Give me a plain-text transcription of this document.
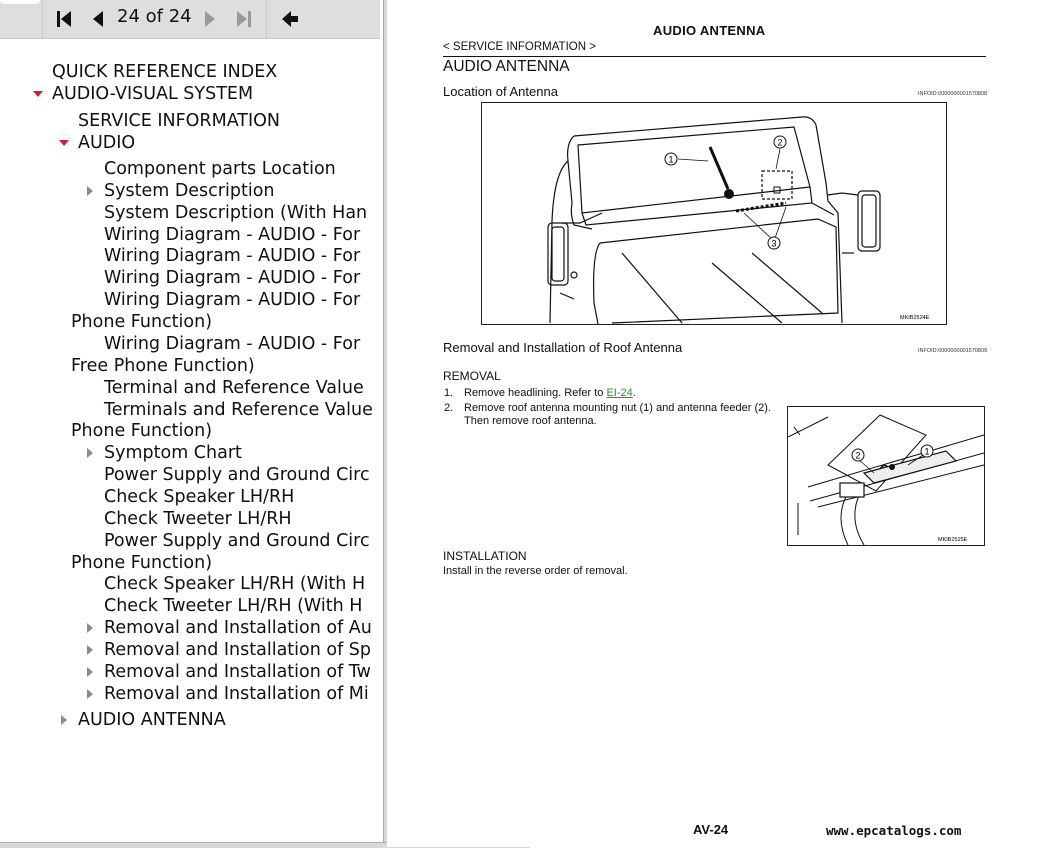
24 of 24
QUICK REFERENCE INDEX
AUDIO-VISUAL SYSTEM
SERVICE INFORMATION
AUDIO
Component parts Location
System Description
System Description (With Han
Wiring Diagram - AUDIO - For
Wiring Diagram - AUDIO - For
Wiring Diagram - AUDIO - For
Wiring Diagram - AUDIO - For
Phone Function)
Wiring Diagram - AUDIO - For
Free Phone Function)
Terminal and Reference Value
Terminals and Reference Value
Phone Function)
Symptom Chart
Power Supply and Ground Circ
Check Speaker LH/RH
Check Tweeter LH/RH
Power Supply and Ground Circ
Phone Function)
Check Speaker LH/RH (With H
Check Tweeter LH/RH (With H
Removal and Installation of Au
Removal and Installation of Sp
Removal and Installation of Tw
Removal and Installation of Mi
AUDIO ANTENNA
AUDIO ANTENNA
< SERVICE INFORMATION >
AUDIO ANTENNA
Location of Antenna	INFOID:0000000001570808
1
2
3
MKIB2524E
Removal and Installation of Roof Antenna	INFOID:0000000001570809
REMOVAL
1. Remove headlining. Refer to EI-24.
2. Remove roof antenna mounting nut (1) and antenna feeder (2).
Then remove roof antenna.
1
2
MKIB2525E
INSTALLATION
Install in the reverse order of removal.
AV-24	www.epcatalogs.com
